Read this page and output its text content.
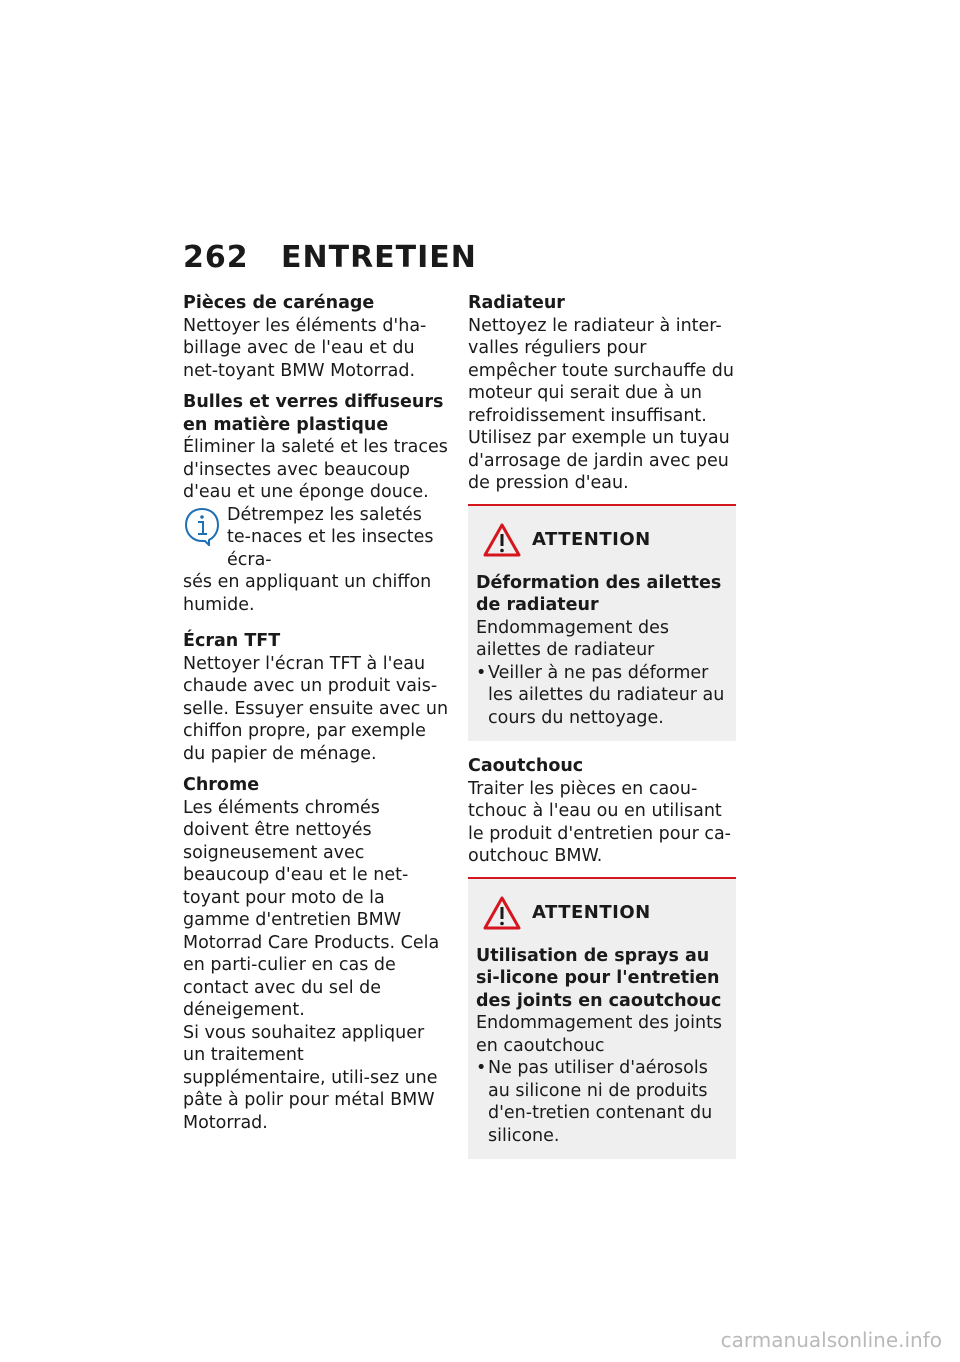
262 ENTRETIEN

Pièces de carénage

Nettoyer les éléments d'ha-billage avec de l'eau et du net-toyant BMW Motorrad.

Bulles et verres diffuseurs en matière plastique

Éliminer la saleté et les traces d'insectes avec beaucoup d'eau et une éponge douce.

Détrempez les saletés te-naces et les insectes écra-
sés en appliquant un chiffon humide.

Écran TFT

Nettoyer l'écran TFT à l'eau chaude avec un produit vais-selle. Essuyer ensuite avec un chiffon propre, par exemple du papier de ménage.

Chrome

Les éléments chromés doivent être nettoyés soigneusement avec beaucoup d'eau et le net-toyant pour moto de la gamme d'entretien BMW Motorrad Care Products. Cela en parti-culier en cas de contact avec du sel de déneigement.

Si vous souhaitez appliquer un traitement supplémentaire, utili-sez une pâte à polir pour métal BMW Motorrad.

Radiateur

Nettoyez le radiateur à inter-valles réguliers pour empêcher toute surchauffe du moteur qui serait due à un refroidissement insuffisant.

Utilisez par exemple un tuyau d'arrosage de jardin avec peu de pression d'eau.

ATTENTION

Déformation des ailettes de radiateur

Endommagement des ailettes de radiateur

• Veiller à ne pas déformer les ailettes du radiateur au cours du nettoyage.

Caoutchouc

Traiter les pièces en caou-tchouc à l'eau ou en utilisant le produit d'entretien pour ca-outchouc BMW.

ATTENTION

Utilisation de sprays au si-licone pour l'entretien des joints en caoutchouc

Endommagement des joints en caoutchouc

• Ne pas utiliser d'aérosols au silicone ni de produits d'en-tretien contenant du silicone.
carmanualsonline.info
